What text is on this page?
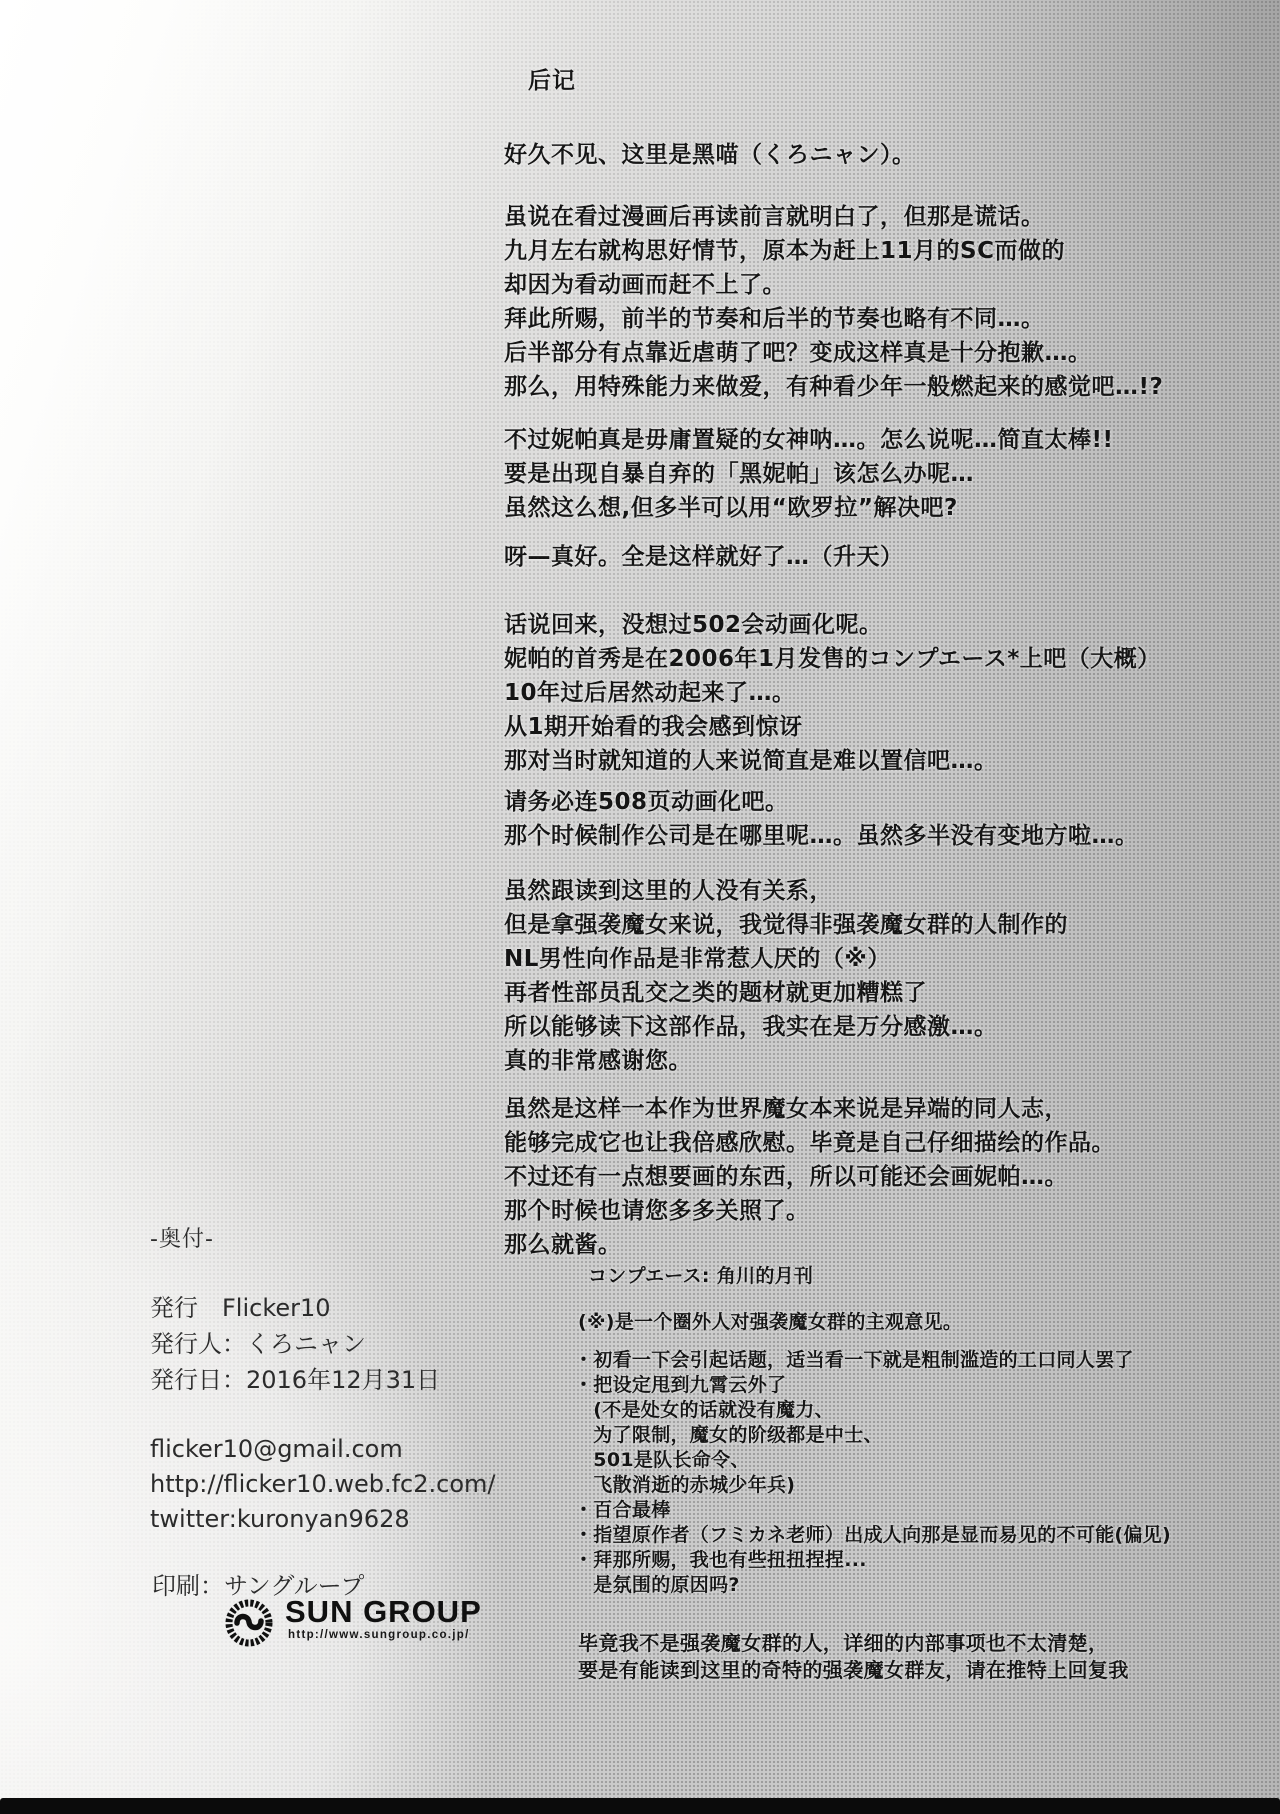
后记
好久不见、这里是黑喵（くろニャン）。
虽说在看过漫画后再读前言就明白了，但那是谎话。
九月左右就构思好情节，原本为赶上11月的SC而做的
却因为看动画而赶不上了。
拜此所赐，前半的节奏和后半的节奏也略有不同…。
后半部分有点靠近虐萌了吧？变成这样真是十分抱歉…。
那么，用特殊能力来做爱，有种看少年一般燃起来的感觉吧…!?
不过妮帕真是毋庸置疑的女神呐…。怎么说呢…简直太棒!!
要是出现自暴自弃的「黑妮帕」该怎么办呢…
虽然这么想,但多半可以用“欧罗拉”解决吧?
呀—真好。全是这样就好了…（升天）
话说回来，没想过502会动画化呢。
妮帕的首秀是在2006年1月发售的コンプエース*上吧（大概）
10年过后居然动起来了…。
从1期开始看的我会感到惊讶
那对当时就知道的人来说简直是难以置信吧…。
请务必连508页动画化吧。
那个时候制作公司是在哪里呢…。虽然多半没有变地方啦…。
虽然跟读到这里的人没有关系，
但是拿强袭魔女来说，我觉得非强袭魔女群的人制作的
NL男性向作品是非常惹人厌的（※）
再者性部员乱交之类的题材就更加糟糕了
所以能够读下这部作品，我实在是万分感激…。
真的非常感谢您。
虽然是这样一本作为世界魔女本来说是异端的同人志，
能够完成它也让我倍感欣慰。毕竟是自己仔细描绘的作品。
不过还有一点想要画的东西，所以可能还会画妮帕…。
那个时候也请您多多关照了。
那么就酱。
-奥付-
発行　Flicker10
発行人：くろニャン
発行日：2016年12月31日
flicker10@gmail.com
http://flicker10.web.fc2.com/
twitter:kuronyan9628
印刷：サングループ
SUN GROUP
http://www.sungroup.co.jp/
コンプエース: 角川的月刊
(※)是一个圈外人对强袭魔女群的主观意见。
・初看一下会引起话题，适当看一下就是粗制滥造的工口同人罢了
・把设定甩到九霄云外了
　(不是处女的话就没有魔力、
　为了限制，魔女的阶级都是中士、
　501是队长命令、
　飞散消逝的赤城少年兵)
・百合最棒
・指望原作者（フミカネ老师）出成人向那是显而易见的不可能(偏见)
・拜那所赐，我也有些扭扭捏捏...
　是氛围的原因吗?
毕竟我不是强袭魔女群的人，详细的内部事项也不太清楚，
要是有能读到这里的奇特的强袭魔女群友，请在推特上回复我
